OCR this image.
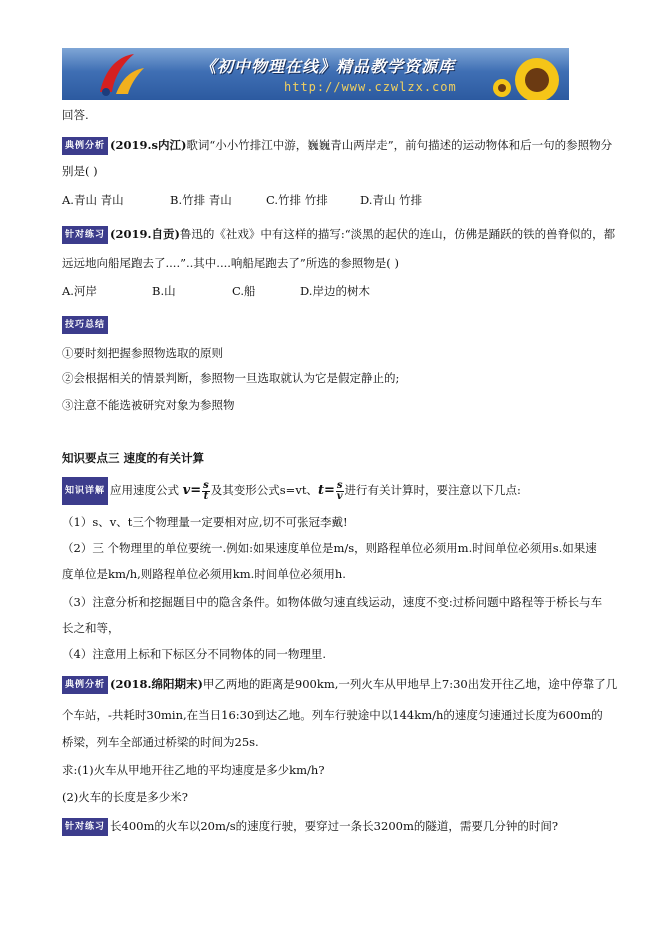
《初中物理在线》精品教学资源库
http://www.czwlzx.com
回答.
典例分析 (2019.s内江)歌词“小小竹排江中游，巍巍青山两岸走”，前句描述的运动物体和后一句的参照物分
别是( )
A.青山 青山	B.竹排 青山	C.竹排 竹排	D.青山 竹排
针对练习 (2019.自贡)鲁迅的《社戏》中有这样的描写:“淡黑的起伏的连山，仿佛是踊跃的铁的兽脊似的，都
远远地向船尾跑去了....”..其中....响船尾跑去了”所选的参照物是( )
A.河岸	B.山	C.船	D.岸边的树木
技巧总结
①要时刻把握参照物选取的原则
②会根据相关的情景判断，参照物一旦选取就认为它是假定静止的;
③注意不能选被研究对象为参照物
知识要点三 速度的有关计算
知识详解 应用速度公式 $v= \frac{s}{t}$ 及其变形公式s=vt、$t= \frac{s}{v}$ 进行有关计算时，要注意以下几点:
（1）s、v、t三个物理量一定要相对应,切不可张冠李戴!
（2）三 个物理里的单位要统一.例如:如果速度单位是m/s，则路程单位必须用m.时间单位必须用s.如果速
度单位是km/h,则路程单位必须用km.时间单位必须用h.
（3）注意分析和挖掘题目中的隐含条件。如物体做匀速直线运动，速度不变:过桥问题中路程等于桥长与车
长之和等，
（4）注意用上标和下标区分不同物体的同一物理里.
典例分析 (2018.绵阳期末)甲乙两地的距离是900km,一列火车从甲地早上7:30出发开往乙地，途中停靠了几
个车站，-共耗时30min,在当日16:30到达乙地。列车行驶途中以144km/h的速度匀速通过长度为600m的
桥梁，列车全部通过桥梁的时间为25s.
求:(1)火车从甲地开往乙地的平均速度是多少km/h?
(2)火车的长度是多少米?
针对练习 长400m的火车以20m/s的速度行驶，要穿过一条长3200m的隧道，需要几分钟的时间?
